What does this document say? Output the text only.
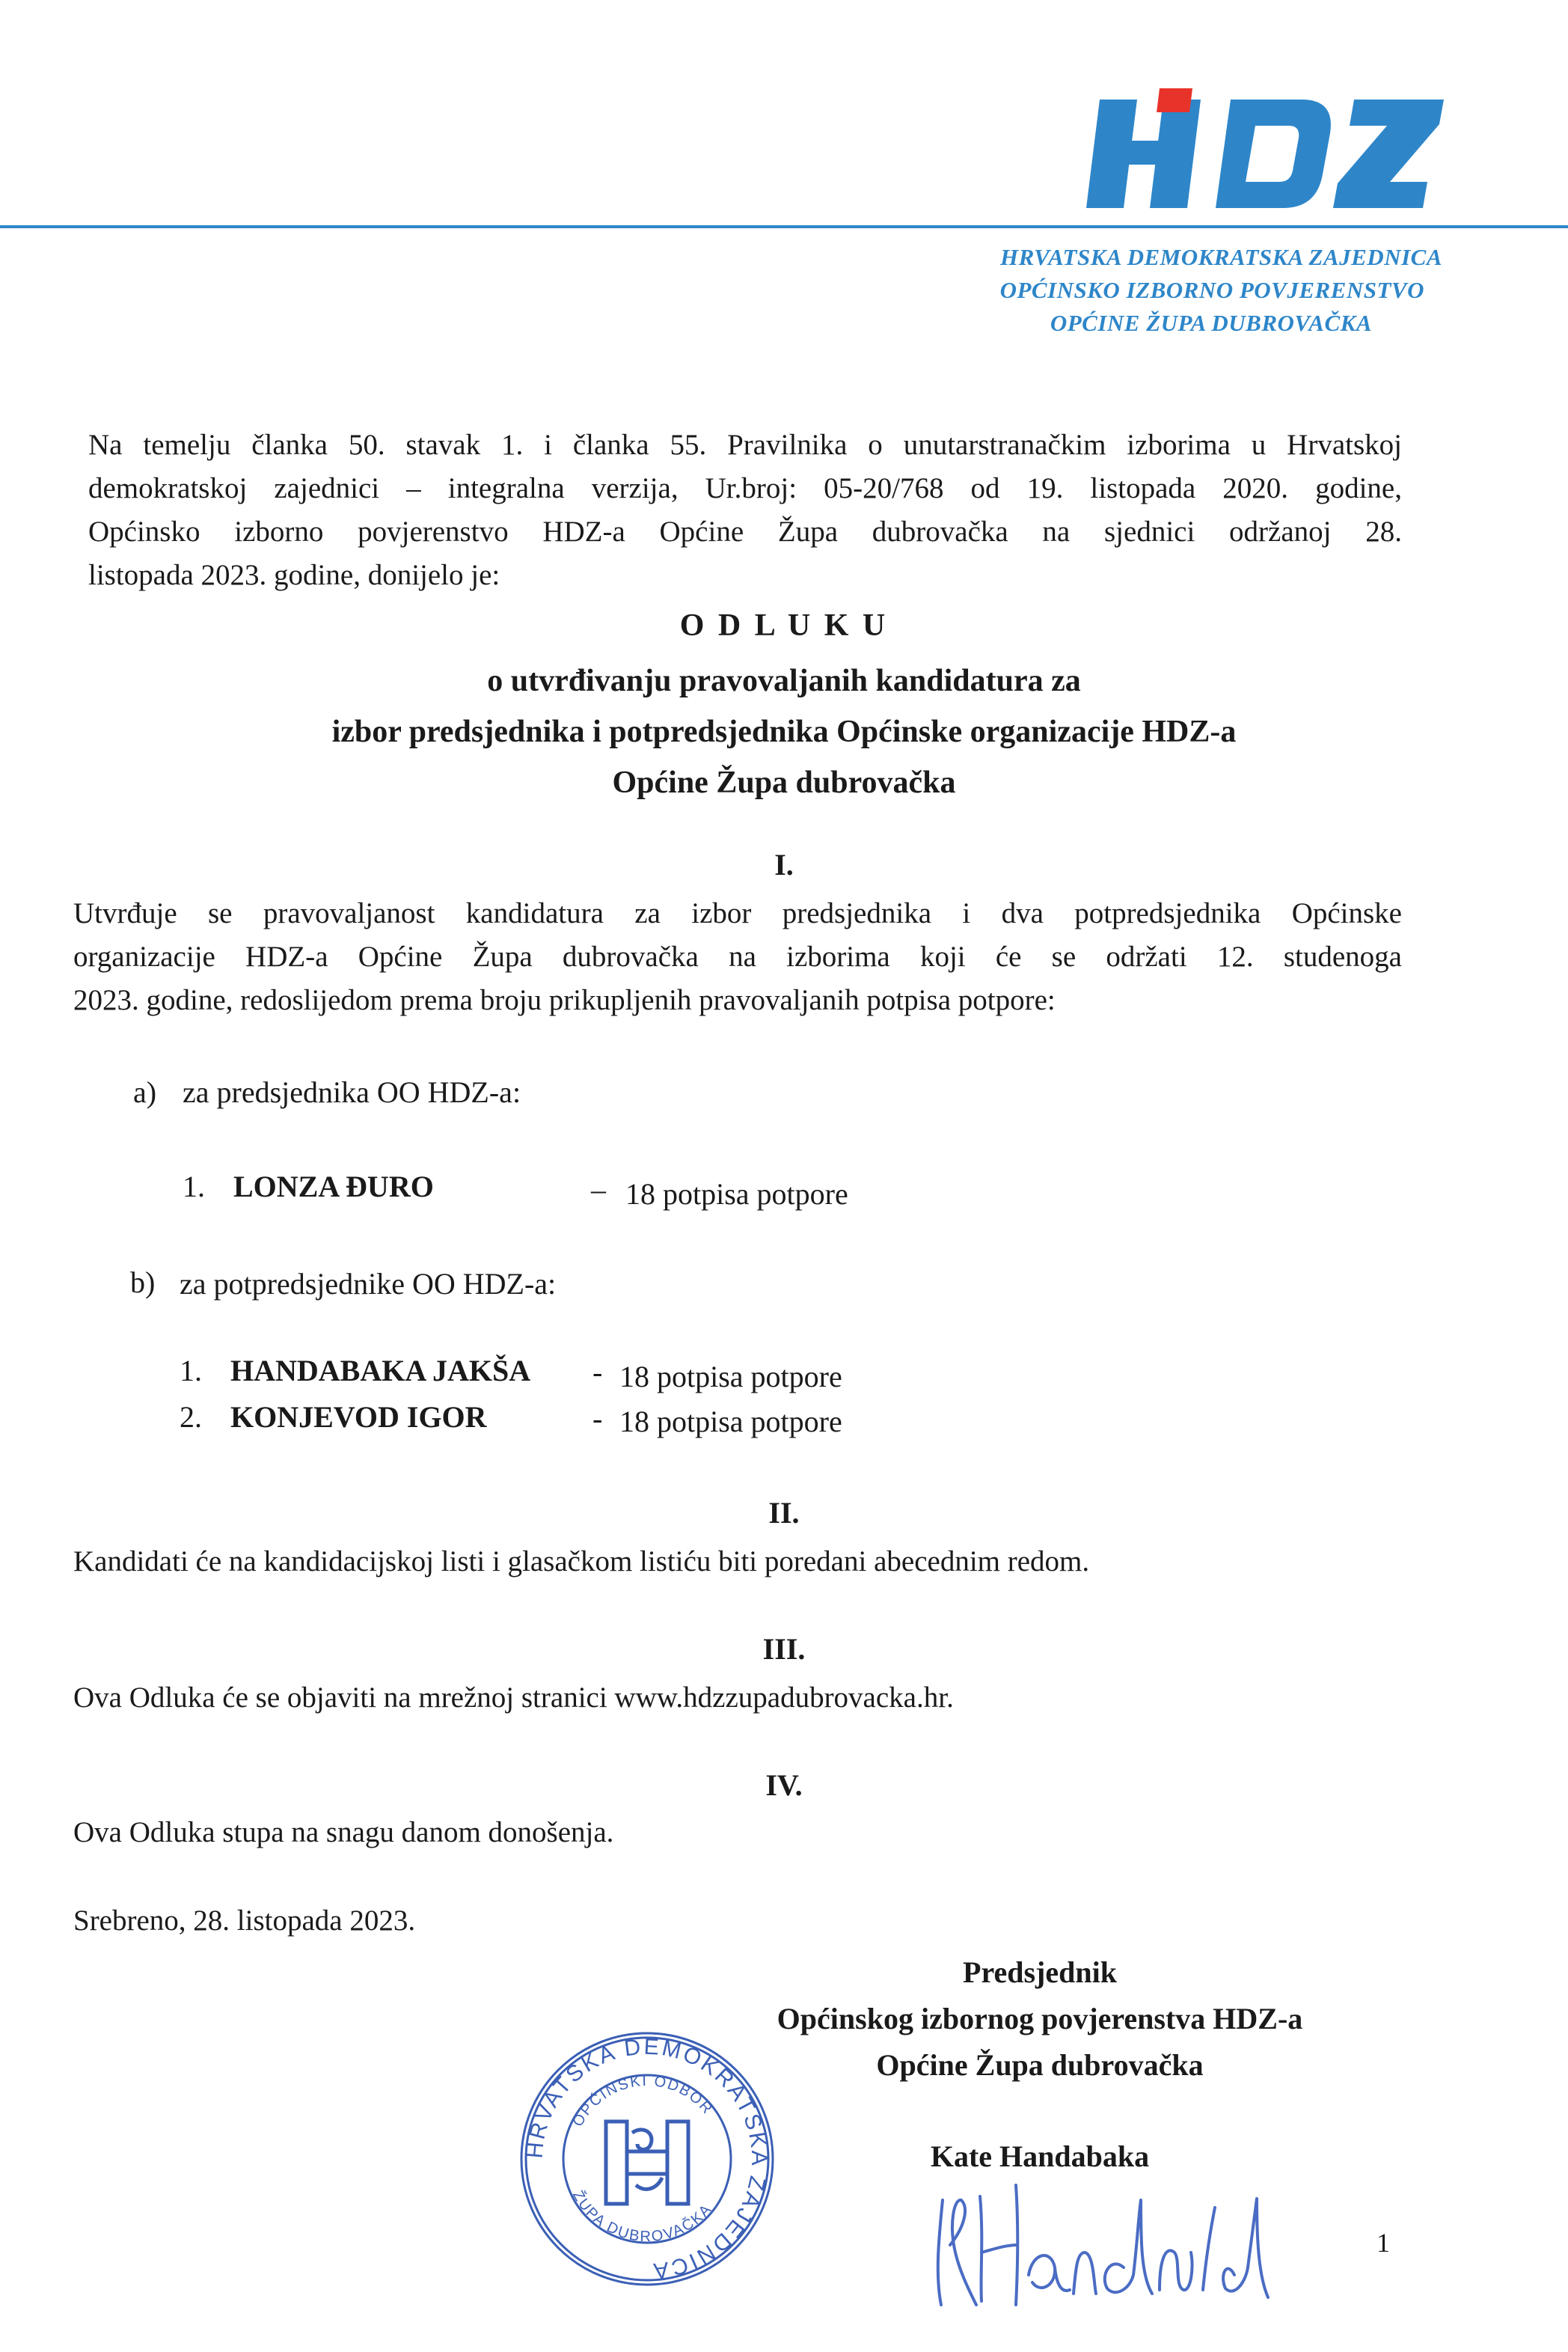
HRVATSKA DEMOKRATSKA ZAJEDNICA
OPĆINSKO IZBORNO POVJERENSTVO
OPĆINE ŽUPA DUBROVAČKA
Na temelju članka 50. stavak 1. i članka 55. Pravilnika o unutarstranačkim izborima u Hrvatskoj
demokratskoj zajednici – integralna verzija, Ur.broj: 05-20/768 od 19. listopada 2020. godine,
Općinsko izborno povjerenstvo HDZ-a Općine Župa dubrovačka na sjednici održanoj 28.
listopada 2023. godine, donijelo je:
O D L U K U
o utvrđivanju pravovaljanih kandidatura za
izbor predsjednika i potpredsjednika Općinske organizacije HDZ-a
Općine Župa dubrovačka
I.
Utvrđuje se pravovaljanost kandidatura za izbor predsjednika i dva potpredsjednika Općinske
organizacije HDZ-a Općine Župa dubrovačka na izborima koji će se održati 12. studenoga
2023. godine, redoslijedom prema broju prikupljenih pravovaljanih potpisa potpore:
a) za predsjednika OO HDZ-a:
1. LONZA ĐURO	– 18 potpisa potpore
b) za potpredsjednike OO HDZ-a:
1. HANDABAKA JAKŠA - 18 potpisa potpore
2. KONJEVOD IGOR	- 18 potpisa potpore
II.
Kandidati će na kandidacijskoj listi i glasačkom listiću biti poredani abecednim redom.
III.
Ova Odluka će se objaviti na mrežnoj stranici www.hdzzupadubrovacka.hr.
IV.
Ova Odluka stupa na snagu danom donošenja.
Srebreno, 28. listopada 2023.
Predsjednik
Općinskog izbornog povjerenstva HDZ-a
Općine Župa dubrovačka
Kate Handabaka
HRVATSKA DEMOKRATSKA ZAJEDNICA
OPĆINSKI ODBOR
ŽUPA DUBROVAČKA
1
